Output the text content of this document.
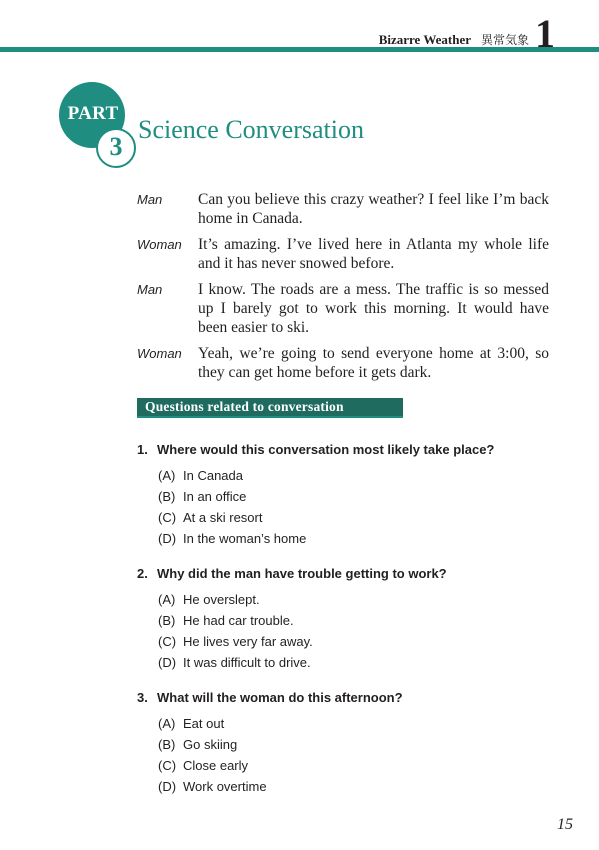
Bizarre Weather 異常気象 1
PART
3
Science Conversation
Man Can you believe this crazy weather? I feel like I’m back home in Canada.
Woman It’s amazing. I’ve lived here in Atlanta my whole life and it has never snowed before.
Man I know. The roads are a mess. The traffic is so messed up I barely got to work this morning. It would have been easier to ski.
Woman Yeah, we’re going to send everyone home at 3:00, so they can get home before it gets dark.
Questions related to conversation
1. Where would this conversation most likely take place?
(A) In Canada
(B) In an office
(C) At a ski resort
(D) In the woman’s home
2. Why did the man have trouble getting to work?
(A) He overslept.
(B) He had car trouble.
(C) He lives very far away.
(D) It was difficult to drive.
3. What will the woman do this afternoon?
(A) Eat out
(B) Go skiing
(C) Close early
(D) Work overtime
15
